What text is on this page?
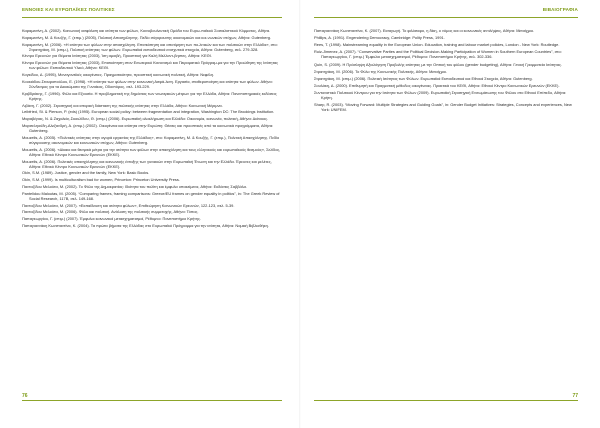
ΕΝΝΟΙΕΣ ΚΑΙ ΕΥΡΩΠΑΪΚΕΣ ΠΟΛΙΤΙΚΕΣ

Καραμεσίνη, Α. (2002). Κοινωνική ασφάλιση και ισότητα των φύλων, Κοινοβουλευτική Ομάδα του Ευρω-παϊκού Σοσιαλιστικού Κόμματος, Αθήνα.

Καραμεσίνη, Μ. & Κουζής, Γ. (επιμ.) (2005), Πολιτική Απασχόλησης. Πεδίο σύγκρουσης οικονομικών και κοι-νωνικών στόχων, Αθήνα: Gutenberg.

Καραμεσίνη, Μ. (2006). «Η ισότητα των φύλων στην απασχόληση. Επισκόπηση και αποτίμηση των πο-λιτικών και των πολιτικών στην Ελλάδα», στο: Στρατηγάκη, Μ. (επιμ.), Πολιτική ισότητας των φύλων. Ευρωπαϊκά εκπαιδευτικά ενισχυτικά στοιχεία, Αθήνα: Gutenberg, σελ. 279-328.

Κέντρο Ερευνών για Θέματα Ισότητας (2003), Ίση αμοιβή, Προοπτική για Καλή Μελλοντ-βηστες, Αθήνα: ΚΕΘΙ.

Κέντρο Ερευνών για Θέματα Ισότητας (2003), Επισκόπηση στον Εσωτερικό Κανονισμό και Πειραματικό Πρόγραμ-μα για την Προώθηση της Ισότητας των φύλων: Εκπαιδευτικό Υλικό, Αθήνα: ΚΕΘΙ.

Κογκίδου, Δ. (1995), Μονογονεϊκές οικογένειες. Πραγματικότητα, προοπτική κοινωνική πολιτική, Αθήνα: Νεφέλη.

Κουκιάδου-Σταυροπούλου, Ε. (1998). «Η ισότητα των φύλων στην κοινωνική Ασφά-λιση. Εργασία, σταθεροποίηση και ισότητα των φύλων. Αθήνα: Σύνδεσμος για τα Δικαιώματα της Γυναίκας, Οδοιπόρος, σελ. 193-229.

Κριβδράκης, Γ. (1996). Φύλο και Εξουσία. Η προβληματική της δημόσιας των νεωτερικών μέτρων για την Ελλάδα, Αθήνα: Πανεπιστημιακές εκδόσεις Κρήτης.

Λιβάνη, Γ. (2002). Στρατηγική και ιστορική διάσταση της πολιτικής ισότητας στην Ελλάδα, Αθήνα: Κοινωνική Μέριμνα.

Leibfried, St. & Pierson, P. (eds) (1995). European social policy: between fragmentation and integration, Washington DC: The Brookings Institution.

Μαραβέγιας, Ν. & Ζαχαλιάς-Σκουλίδου, Θ. (επιμ.) (2006). Ευρωπαϊκή ολοκλήρωση και Ελλάδα: Οικονομία, κοινωνία, πολιτική, Αθήνα: Διόνικος.

Μαρσεληούδη-Αλεξανδρή, Α. (επιμ.) (2002). Οικογένεια και ισότητα στην Ευρώπη: Θέσεις και προοπτικές από τα κοινωνικά προγράμματα, Αθήνα: Gutenberg.

Mouzelis, A. (2005). «Πολιτικές ισότητας στην αγορά εργασίας της Ελλάδας», στο: Καραμεσίνη, Μ. & Κουζής, Γ. (επιμ.), Πολιτική Απασχόλησης. Πεδίο σύγκρουσης οικονομικών και κοινωνικών στόχων, Αθήνα: Gutenberg.

Mouzelis, A. (2006). «Δίκαιο και θεσμικά μέτρα για την ισότητα των φύλων στην απασχόληση και τους ελληνικούς και ευρωπαϊκούς θεσμούς», Σελίδος, Αθήνα: Εθνικό Κέντρο Κοινωνικών Ερευνών (ΕΚΚΕ).

Mouzelis, A. (2006). Πολιτικές απασχόλησης και κοινωνικής ένταξης των γυναικών στην Ευρωπαϊκή Ένωση και την Ελλάδα. Έρευνες και μελέτες, Αθήνα: Εθνικό Κέντρο Κοινωνικών Ερευνών (ΕΚΚΕ).

Okin, S.M. (1989). Justice, gender and the family, New York: Basic Books.

Okin, S.M. (1999). Is multiculturalism bad for women, Princeton: Princeton University Press.

Πανταζίδου Μελούτα, Μ. (2002). Το Φύλο της Δημοκρατίας: Ιδιότητα του πολίτη και έμφυλα υποκείμενα, Αθήνα: Εκδόσεις Σαββάλα.

Pantelidou Maloutas, M. (2005). “Comparing frames, framing comparisons: Greece/EU frames on gender equality in politics”, in: The Greek Review of Social Research, 117B, σελ. 149-168.

Πανταζίδου Μελούτα, Μ. (2007). «Εκπαίδευση και ισότητα φύλων», Επιθεώρηση Κοινωνικών Ερευνών, 122-123, σελ. 5-39.

Πανταζίδου Μελούτα, Μ. (2006). Φύλο και πολιτική. Ανάλυση της πολιτικής συμμετοχής, Αθήνα: Τόπος.

Παπαγεωργίου, Γ. (επιμ.) (2007). Έμφυλοι κοινωνικοί μετασχηματισμοί, Ρέθυμνο: Πανεπιστήμιο Κρήτης.

Παπαγιαννάκη Κωνσταντίνα, Κ. (2004). Τα πρώτα βήματα της Ελλάδας στο Ευρωπαϊκό Πρόγραμμα για την ισότητα, Αθήνα: Νομική Βιβλιοθήκη.

76
ΒΙΒΛΙΟΓΡΑΦΙΑ

Παπαγιαννάκη Κωνσταντίνα, Κ. (2007). Εισαγωγή. Το φιλόσοφο, η δίκη, ο νόμος και οι κοινωνικές αντιλήψεις, Αθήνα: Μεταίχμιο.

Phillips, A. (1991). Engendering Democracy, Cambridge: Polity Press, 1991.

Rees, T. (1998). Mainstreaming equality in the European Union. Education, training and labour market policies, London - New York: Routledge.

Ruiz-Jimenez, A. (2007). “Conservative Parties and the Political Decision-Making Participation of Women in Southern European Countries”, στο: Παπαγεωργίου, Γ. (επιμ.) Έμφυλοι μετασχηματισμοί, Ρέθυμνο: Πανεπιστήμιο Κρήτης, σελ. 302-336.

Quin, S. (2009). Η Πρόσληψη Αξιολόγηση Προβολής ισότητας με την Οπτική του φύλου (gender budgeting), Αθήνα: Γενική Γραμματεία Ισότητας.

Στρατηγάκη, Μ. (2006). Το Φύλο της Κοινωνικής Πολιτικής, Αθήνα: Μεταίχμιο.

Στρατηγάκη, Μ. (επιμ.) (2006). Πολιτική Ισότητας των Φύλων. Ευρωπαϊκά Εκπαιδευτικά και Εθνικά Στοιχεία, Αθήνα: Gutenberg.

Σουλάκη, Δ. (2000). Επιθυμητή και Πραγματική μέθοδος οικογένειας. Πρακτικά του ΚΕΘΙ, Αθήνα: Εθνικό Κέντρο Κοινωνικών Ερευνών (ΕΚΚΕ).

Συντονιστικό Πολιτικού Κέντρου για την Ισότητα των Φύλων (2009). Ευρωπαϊκή Στρατηγική Ενσωμάτωσης του Φύλου στο Εθνικό Επίπεδο, Αθήνα: Κρήτη.

Sharp, R. (2003). “Moving Forward: Multiple Strategies and Guiding Goals”, in: Gender Budget Initiatives: Strategies, Concepts and experiences, New York: UNIFEM.

77
